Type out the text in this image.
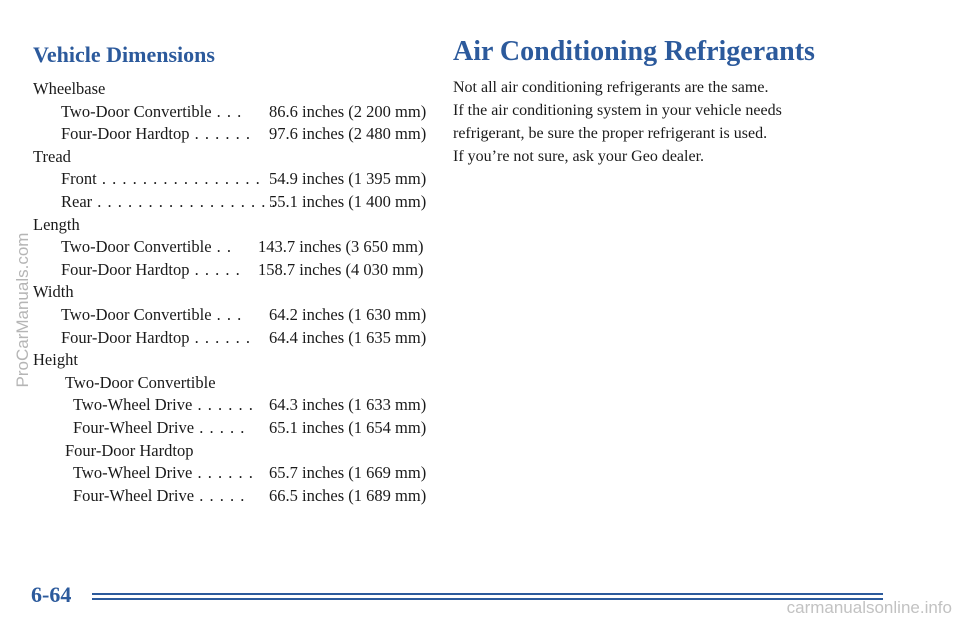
Vehicle Dimensions
Wheelbase
Two-Door Convertible . . . 86.6 inches (2 200 mm)
Four-Door Hardtop . . . . . . 97.6 inches (2 480 mm)
Tread
Front . . . . . . . . . . . . . . . . 54.9 inches (1 395 mm)
Rear . . . . . . . . . . . . . . . . . .
55.1 inches (1 400 mm)
Length
Two-Door Convertible . . 143.7 inches (3 650 mm)
Four-Door Hardtop . . . . . 158.7 inches (4 030 mm)
Width
Two-Door Convertible . . . 64.2 inches (1 630 mm)
Four-Door Hardtop . . . . . . 64.4 inches (1 635 mm)
Height
Two-Door Convertible
Two-Wheel Drive . . . . . . 64.3 inches (1 633 mm)
Four-Wheel Drive . . . . . 65.1 inches (1 654 mm)
Four-Door Hardtop
Two-Wheel Drive . . . . . . 65.7 inches (1 669 mm)
Four-Wheel Drive . . . . . 66.5 inches (1 689 mm)
Air Conditioning Refrigerants

Not all air conditioning refrigerants are the same.
If the air conditioning system in your vehicle needs
refrigerant, be sure the proper refrigerant is used.
If you’re not sure, ask your Geo dealer.

6-64

ProCarManuals.com
carmanualsonline.info
